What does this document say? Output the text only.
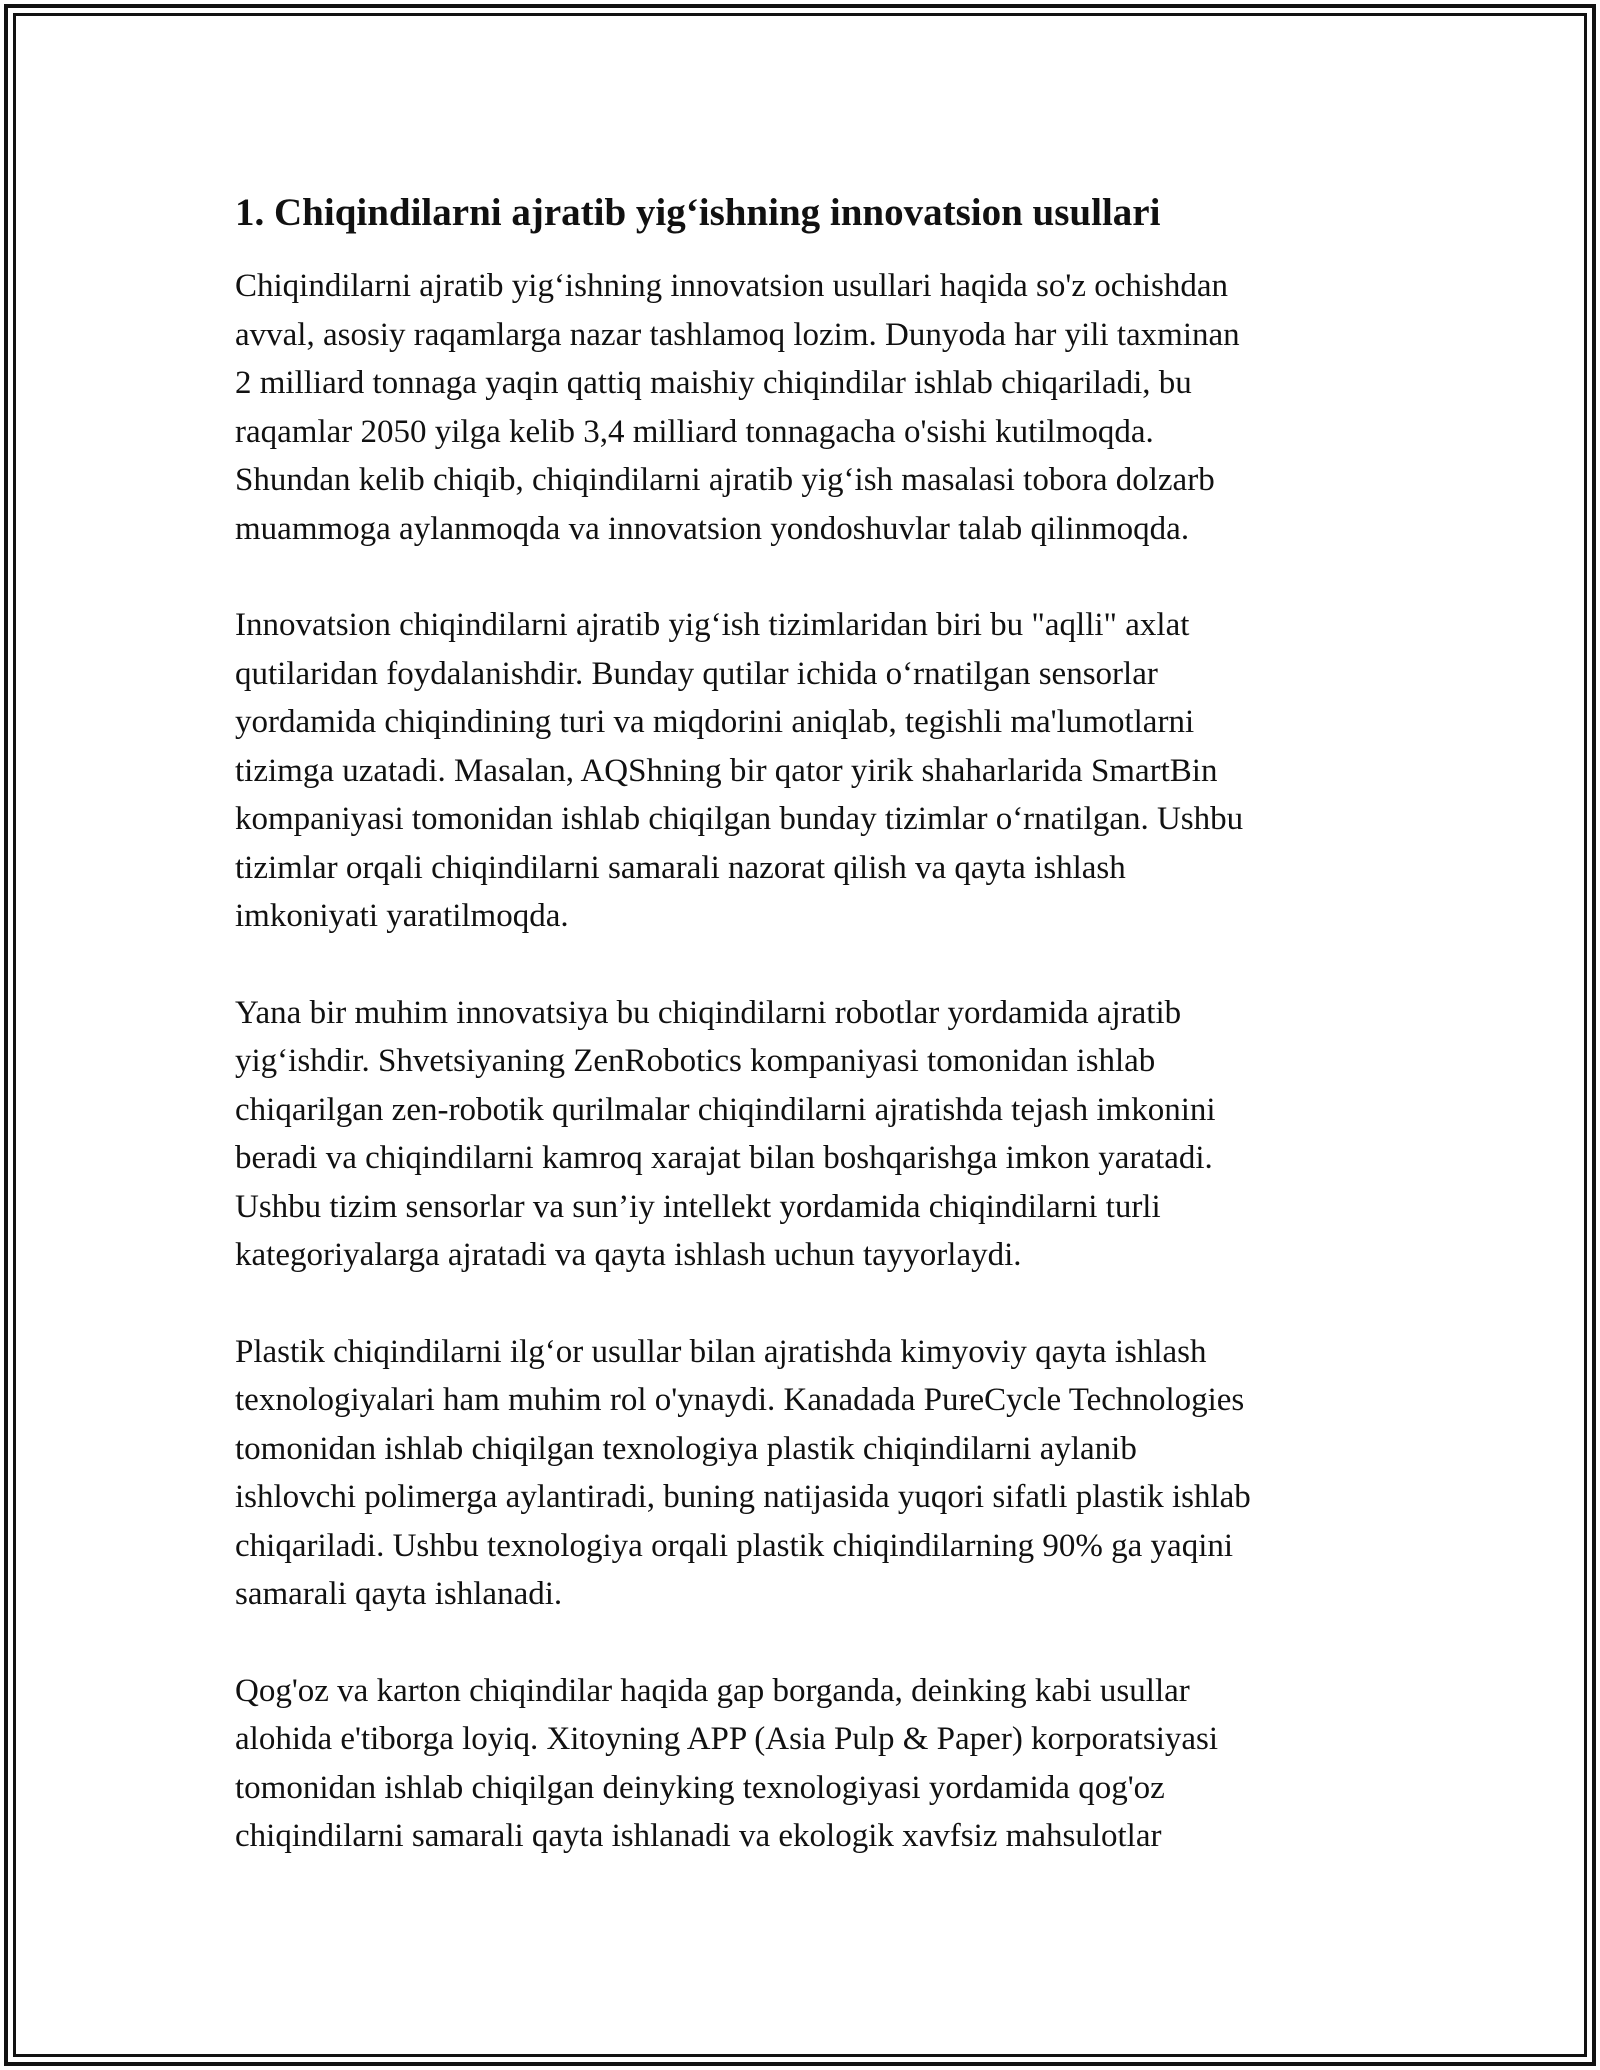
1. Chiqindilarni ajratib yig‘ishning innovatsion usullari

Chiqindilarni ajratib yig‘ishning innovatsion usullari haqida so'z ochishdan
avval, asosiy raqamlarga nazar tashlamoq lozim. Dunyoda har yili taxminan
2 milliard tonnaga yaqin qattiq maishiy chiqindilar ishlab chiqariladi, bu
raqamlar 2050 yilga kelib 3,4 milliard tonnagacha o'sishi kutilmoqda.
Shundan kelib chiqib, chiqindilarni ajratib yig‘ish masalasi tobora dolzarb
muammoga aylanmoqda va innovatsion yondoshuvlar talab qilinmoqda.

Innovatsion chiqindilarni ajratib yig‘ish tizimlaridan biri bu "aqlli" axlat
qutilaridan foydalanishdir. Bunday qutilar ichida o‘rnatilgan sensorlar
yordamida chiqindining turi va miqdorini aniqlab, tegishli ma'lumotlarni
tizimga uzatadi. Masalan, AQShning bir qator yirik shaharlarida SmartBin
kompaniyasi tomonidan ishlab chiqilgan bunday tizimlar o‘rnatilgan. Ushbu
tizimlar orqali chiqindilarni samarali nazorat qilish va qayta ishlash
imkoniyati yaratilmoqda.

Yana bir muhim innovatsiya bu chiqindilarni robotlar yordamida ajratib
yig‘ishdir. Shvetsiyaning ZenRobotics kompaniyasi tomonidan ishlab
chiqarilgan zen-robotik qurilmalar chiqindilarni ajratishda tejash imkonini
beradi va chiqindilarni kamroq xarajat bilan boshqarishga imkon yaratadi.
Ushbu tizim sensorlar va sun’iy intellekt yordamida chiqindilarni turli
kategoriyalarga ajratadi va qayta ishlash uchun tayyorlaydi.

Plastik chiqindilarni ilg‘or usullar bilan ajratishda kimyoviy qayta ishlash
texnologiyalari ham muhim rol o'ynaydi. Kanadada PureCycle Technologies
tomonidan ishlab chiqilgan texnologiya plastik chiqindilarni aylanib
ishlovchi polimerga aylantiradi, buning natijasida yuqori sifatli plastik ishlab
chiqariladi. Ushbu texnologiya orqali plastik chiqindilarning 90% ga yaqini
samarali qayta ishlanadi.

Qog'oz va karton chiqindilar haqida gap borganda, deinking kabi usullar
alohida e'tiborga loyiq. Xitoyning APP (Asia Pulp & Paper) korporatsiyasi
tomonidan ishlab chiqilgan deinyking texnologiyasi yordamida qog'oz
chiqindilarni samarali qayta ishlanadi va ekologik xavfsiz mahsulotlar
